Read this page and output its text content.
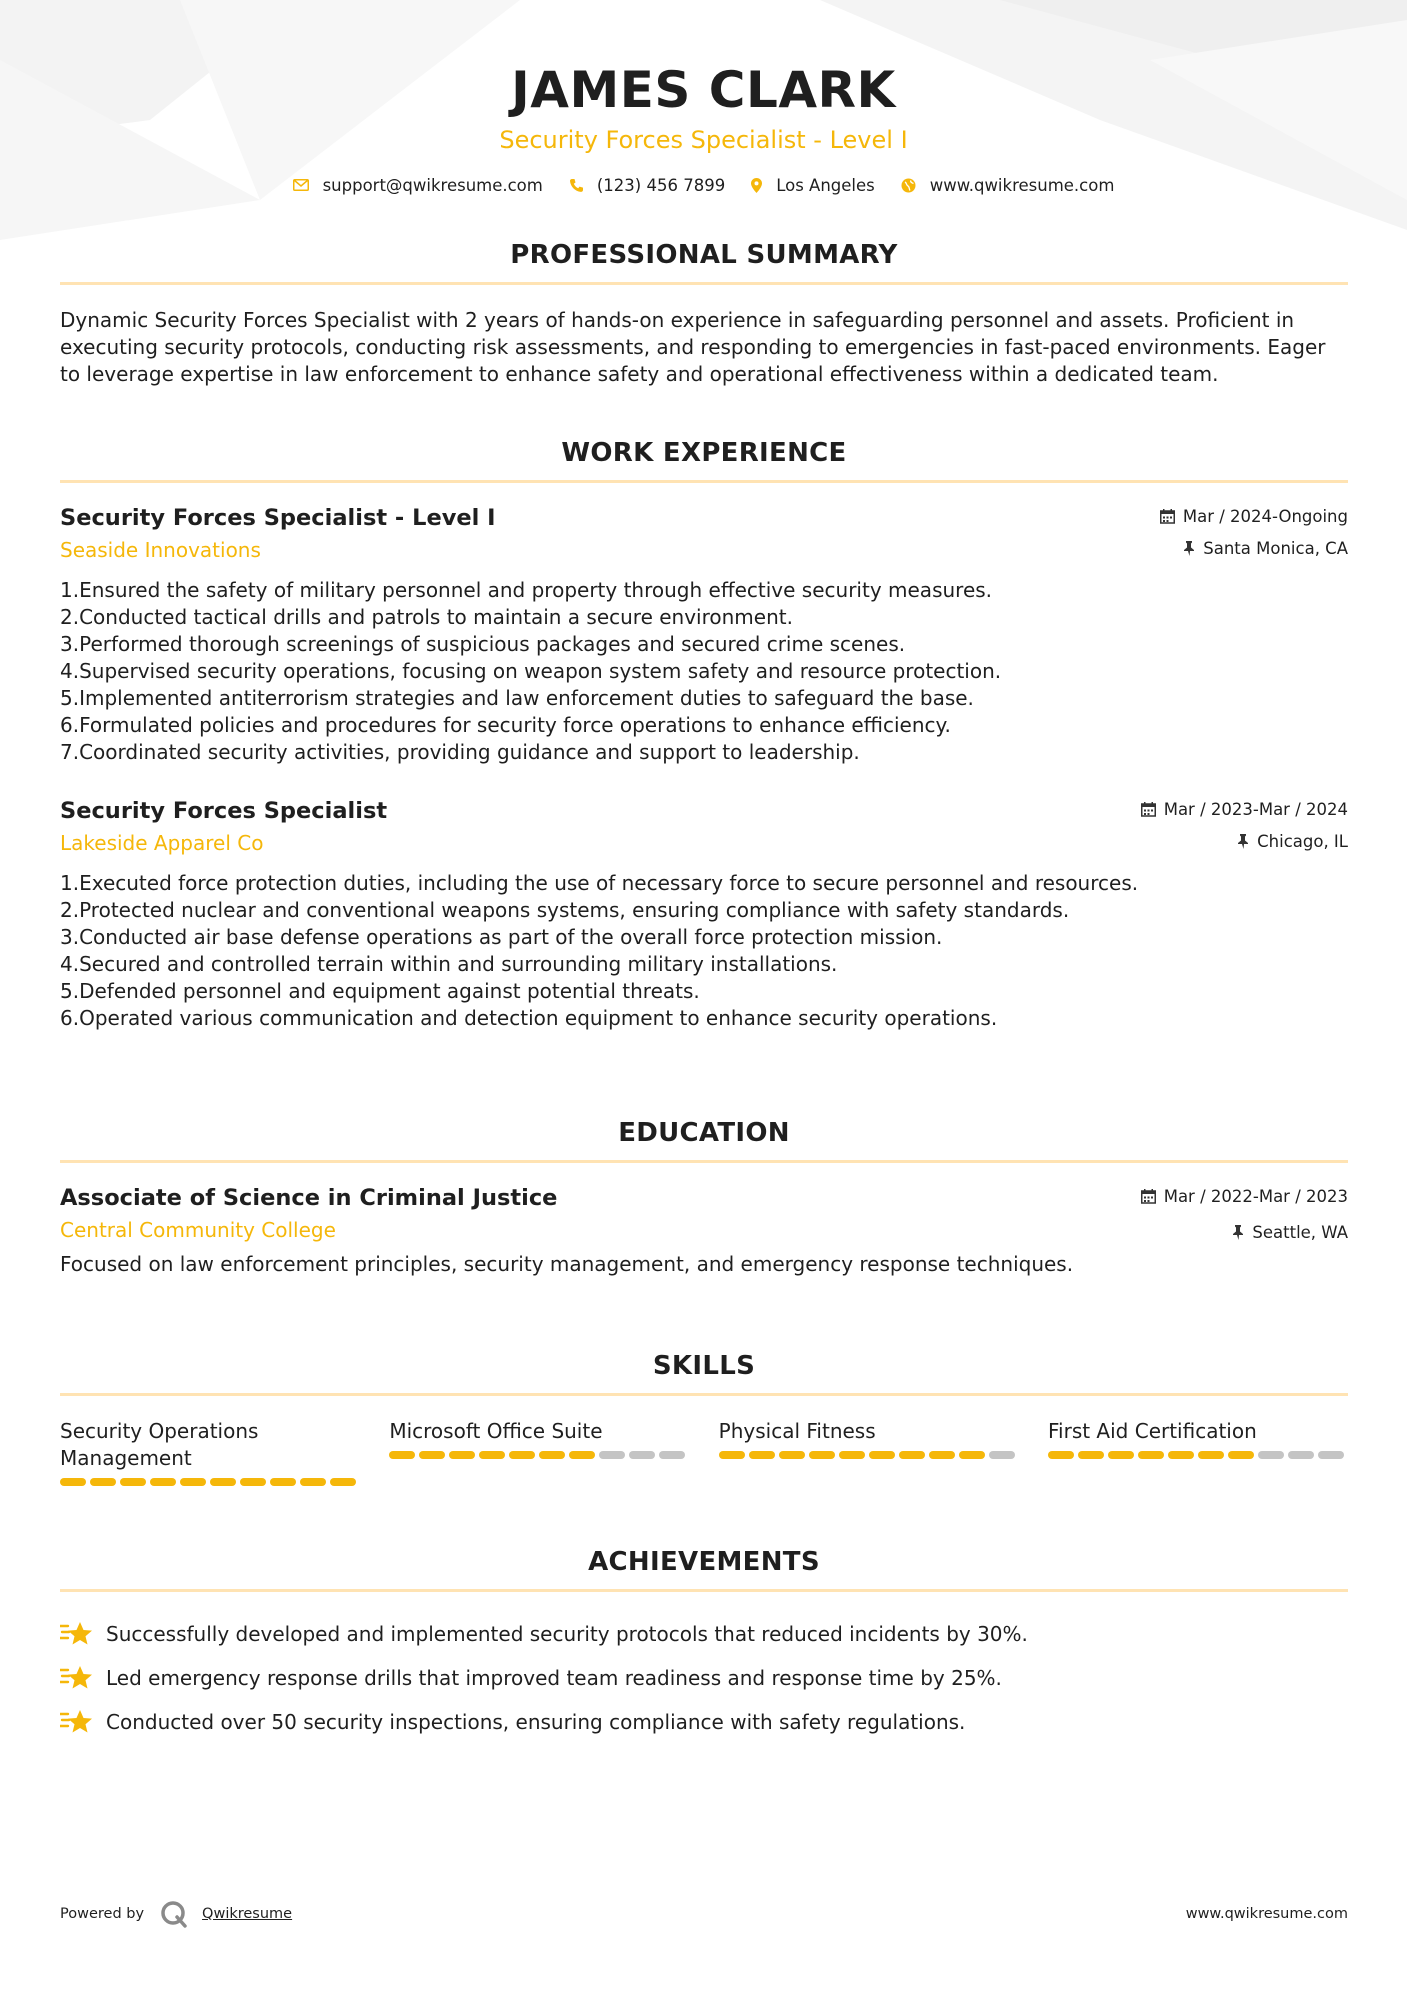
JAMES CLARK
Security Forces Specialist - Level I
support@qwikresume.com	(123) 456 7899	Los Angeles	www.qwikresume.com
PROFESSIONAL SUMMARY
Dynamic Security Forces Specialist with 2 years of hands-on experience in safeguarding personnel and assets. Proficient in executing security protocols, conducting risk assessments, and responding to emergencies in fast-paced environments. Eager to leverage expertise in law enforcement to enhance safety and operational effectiveness within a dedicated team.
WORK EXPERIENCE
Security Forces Specialist - Level I
Seaside Innovations
Mar / 2024-Ongoing
Santa Monica, CA
1. Ensured the safety of military personnel and property through effective security measures.
2. Conducted tactical drills and patrols to maintain a secure environment.
3. Performed thorough screenings of suspicious packages and secured crime scenes.
4. Supervised security operations, focusing on weapon system safety and resource protection.
5. Implemented antiterrorism strategies and law enforcement duties to safeguard the base.
6. Formulated policies and procedures for security force operations to enhance efficiency.
7. Coordinated security activities, providing guidance and support to leadership.
Security Forces Specialist
Lakeside Apparel Co
Mar / 2023-Mar / 2024
Chicago, IL
1. Executed force protection duties, including the use of necessary force to secure personnel and resources.
2. Protected nuclear and conventional weapons systems, ensuring compliance with safety standards.
3. Conducted air base defense operations as part of the overall force protection mission.
4. Secured and controlled terrain within and surrounding military installations.
5. Defended personnel and equipment against potential threats.
6. Operated various communication and detection equipment to enhance security operations.
EDUCATION
Associate of Science in Criminal Justice
Central Community College
Mar / 2022-Mar / 2023
Seattle, WA
Focused on law enforcement principles, security management, and emergency response techniques.
SKILLS
Security Operations Management
Microsoft Office Suite	Physical Fitness	First Aid Certification
ACHIEVEMENTS
Successfully developed and implemented security protocols that reduced incidents by 30%.
Led emergency response drills that improved team readiness and response time by 25%.
Conducted over 50 security inspections, ensuring compliance with safety regulations.
Powered by	Qwikresume	www.qwikresume.com
